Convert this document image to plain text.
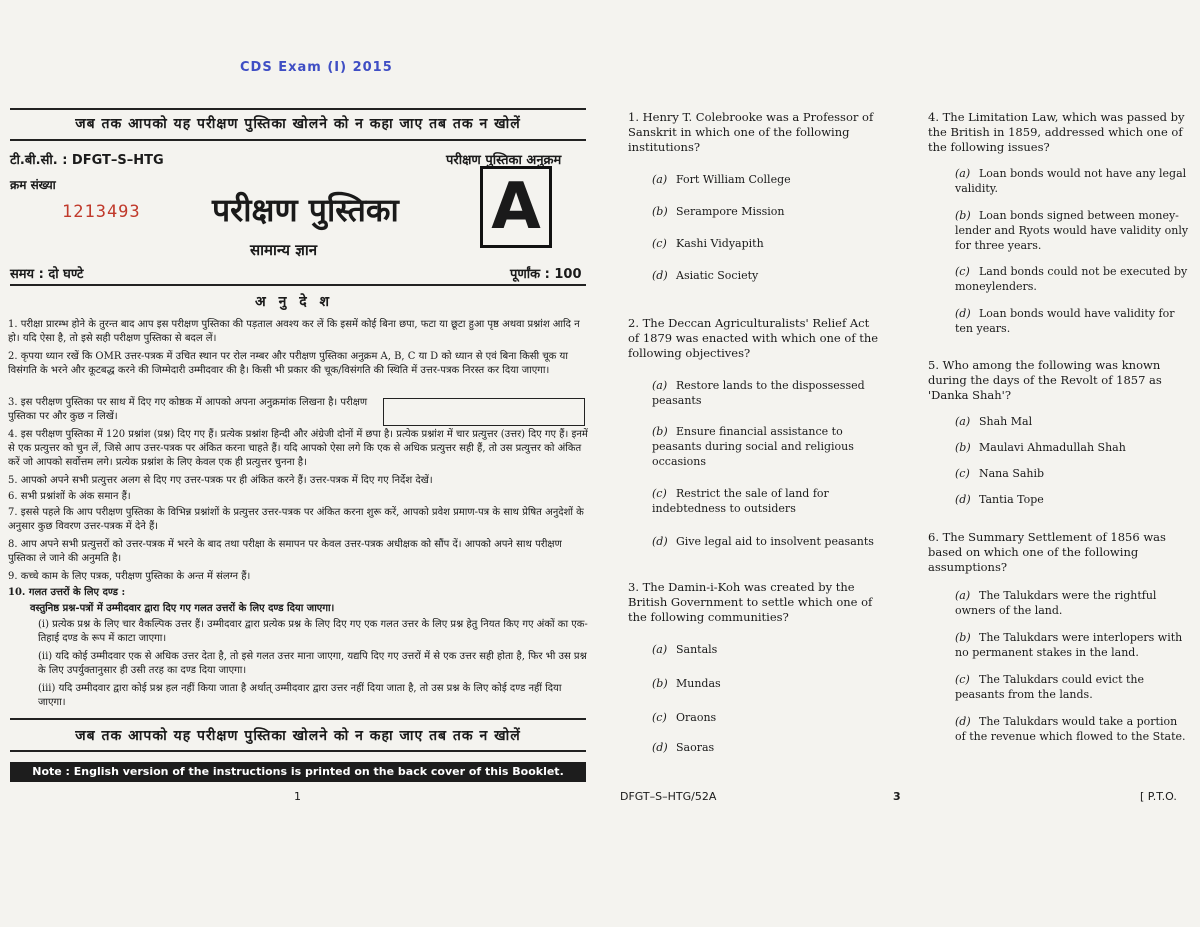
CDS Exam (I) 2015
जब तक आपको यह परीक्षण पुस्तिका खोलने को न कहा जाए तब तक न खोलें
टी.बी.सी. : DFGT–S–HTG	परीक्षण पुस्तिका अनुक्रम
क्रम संख्या
1213493 परीक्षण पुस्तिका
सामान्य ज्ञान
A
समय : दो घण्टे	पूर्णांक : 100
अ नु दे श
1. परीक्षा प्रारम्भ होने के तुरन्त बाद आप इस परीक्षण पुस्तिका की पड़ताल अवश्य कर लें कि इसमें कोई बिना छपा, फटा या छूटा हुआ पृष्ठ अथवा प्रश्नांश आदि न हो। यदि ऐसा है, तो इसे सही परीक्षण पुस्तिका से बदल लें।
2. कृपया ध्यान रखें कि OMR उत्तर-पत्रक में उचित स्थान पर रोल नम्बर और परीक्षण पुस्तिका अनुक्रम A, B, C या D को ध्यान से एवं बिना किसी चूक या विसंगति के भरने और कूटबद्ध करने की जिम्मेदारी उम्मीदवार की है। किसी भी प्रकार की चूक/विसंगति की स्थिति में उत्तर-पत्रक निरस्त कर दिया जाएगा।
3. इस परीक्षण पुस्तिका पर साथ में दिए गए कोष्ठक में आपको अपना अनुक्रमांक लिखना है। परीक्षण पुस्तिका पर और कुछ न लिखें।
4. इस परीक्षण पुस्तिका में 120 प्रश्नांश (प्रश्न) दिए गए हैं। प्रत्येक प्रश्नांश हिन्दी और अंग्रेजी दोनों में छपा है। प्रत्येक प्रश्नांश में चार प्रत्युत्तर (उत्तर) दिए गए हैं। इनमें से एक प्रत्युत्तर को चुन लें, जिसे आप उत्तर-पत्रक पर अंकित करना चाहते हैं। यदि आपको ऐसा लगे कि एक से अधिक प्रत्युत्तर सही हैं, तो उस प्रत्युत्तर को अंकित करें जो आपको सर्वोत्तम लगे। प्रत्येक प्रश्नांश के लिए केवल एक ही प्रत्युत्तर चुनना है।
5. आपको अपने सभी प्रत्युत्तर अलग से दिए गए उत्तर-पत्रक पर ही अंकित करने हैं। उत्तर-पत्रक में दिए गए निर्देश देखें।
6. सभी प्रश्नांशों के अंक समान हैं।
7. इससे पहले कि आप परीक्षण पुस्तिका के विभिन्न प्रश्नांशों के प्रत्युत्तर उत्तर-पत्रक पर अंकित करना शुरू करें, आपको प्रवेश प्रमाण-पत्र के साथ प्रेषित अनुदेशों के अनुसार कुछ विवरण उत्तर-पत्रक में देने हैं।
8. आप अपने सभी प्रत्युत्तरों को उत्तर-पत्रक में भरने के बाद तथा परीक्षा के समापन पर केवल उत्तर-पत्रक अधीक्षक को सौंप दें। आपको अपने साथ परीक्षण पुस्तिका ले जाने की अनुमति है।
9. कच्चे काम के लिए पत्रक, परीक्षण पुस्तिका के अन्त में संलग्न हैं।
10. गलत उत्तरों के लिए दण्ड :
वस्तुनिष्ठ प्रश्न-पत्रों में उम्मीदवार द्वारा दिए गए गलत उत्तरों के लिए दण्ड दिया जाएगा।
(i) प्रत्येक प्रश्न के लिए चार वैकल्पिक उत्तर हैं। उम्मीदवार द्वारा प्रत्येक प्रश्न के लिए दिए गए एक गलत उत्तर के लिए प्रश्न हेतु नियत किए गए अंकों का एक-तिहाई दण्ड के रूप में काटा जाएगा।
(ii) यदि कोई उम्मीदवार एक से अधिक उत्तर देता है, तो इसे गलत उत्तर माना जाएगा, यद्यपि दिए गए उत्तरों में से एक उत्तर सही होता है, फिर भी उस प्रश्न के लिए उपर्युक्तानुसार ही उसी तरह का दण्ड दिया जाएगा।
(iii) यदि उम्मीदवार द्वारा कोई प्रश्न हल नहीं किया जाता है अर्थात् उम्मीदवार द्वारा उत्तर नहीं दिया जाता है, तो उस प्रश्न के लिए कोई दण्ड नहीं दिया जाएगा।
जब तक आपको यह परीक्षण पुस्तिका खोलने को न कहा जाए तब तक न खोलें
Note : English version of the instructions is printed on the back cover of this Booklet.
1
1. Henry T. Colebrooke was a Professor of Sanskrit in which one of the following institutions?
(a) Fort William College
(b) Serampore Mission
(c) Kashi Vidyapith
(d) Asiatic Society
2. The Deccan Agriculturalists' Relief Act of 1879 was enacted with which one of the following objectives?
(a) Restore lands to the dispossessed peasants
(b) Ensure financial assistance to peasants during social and religious occasions
(c) Restrict the sale of land for indebtedness to outsiders
(d) Give legal aid to insolvent peasants
3. The Damin-i-Koh was created by the British Government to settle which one of the following communities?
(a) Santals
(b) Mundas
(c) Oraons
(d) Saoras
4. The Limitation Law, which was passed by the British in 1859, addressed which one of the following issues?
(a) Loan bonds would not have any legal validity.
(b) Loan bonds signed between money-lender and Ryots would have validity only for three years.
(c) Land bonds could not be executed by moneylenders.
(d) Loan bonds would have validity for ten years.
5. Who among the following was known during the days of the Revolt of 1857 as 'Danka Shah'?
(a) Shah Mal
(b) Maulavi Ahmadullah Shah
(c) Nana Sahib
(d) Tantia Tope
6. The Summary Settlement of 1856 was based on which one of the following assumptions?
(a) The Talukdars were the rightful owners of the land.
(b) The Talukdars were interlopers with no permanent stakes in the land.
(c) The Talukdars could evict the peasants from the lands.
(d) The Talukdars would take a portion of the revenue which flowed to the State.
DFGT–S–HTG/52A	3	[ P.T.O.
